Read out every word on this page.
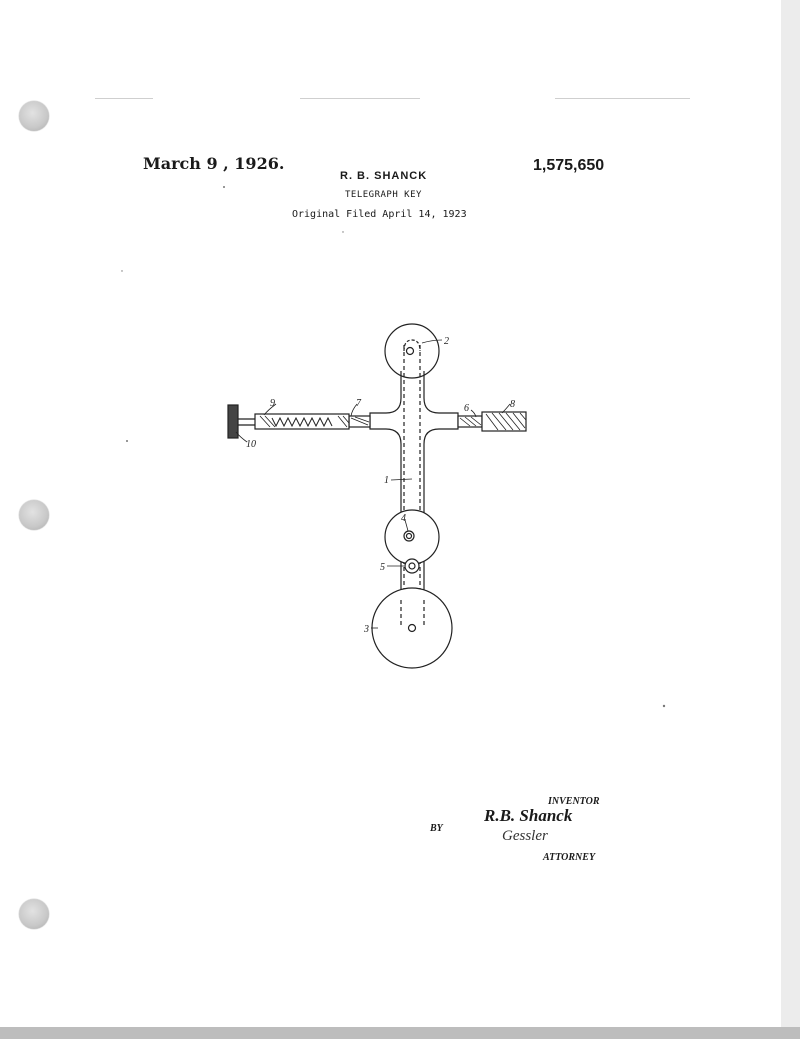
March 9 , 1926.	1,575,650
R. B. SHANCK
TELEGRAPH KEY
Original Filed April 14, 1923
2
9	7	6	8
10
1
4
5
3
INVENTOR
R.B. Shanck
BY	Gessler
ATTORNEY
